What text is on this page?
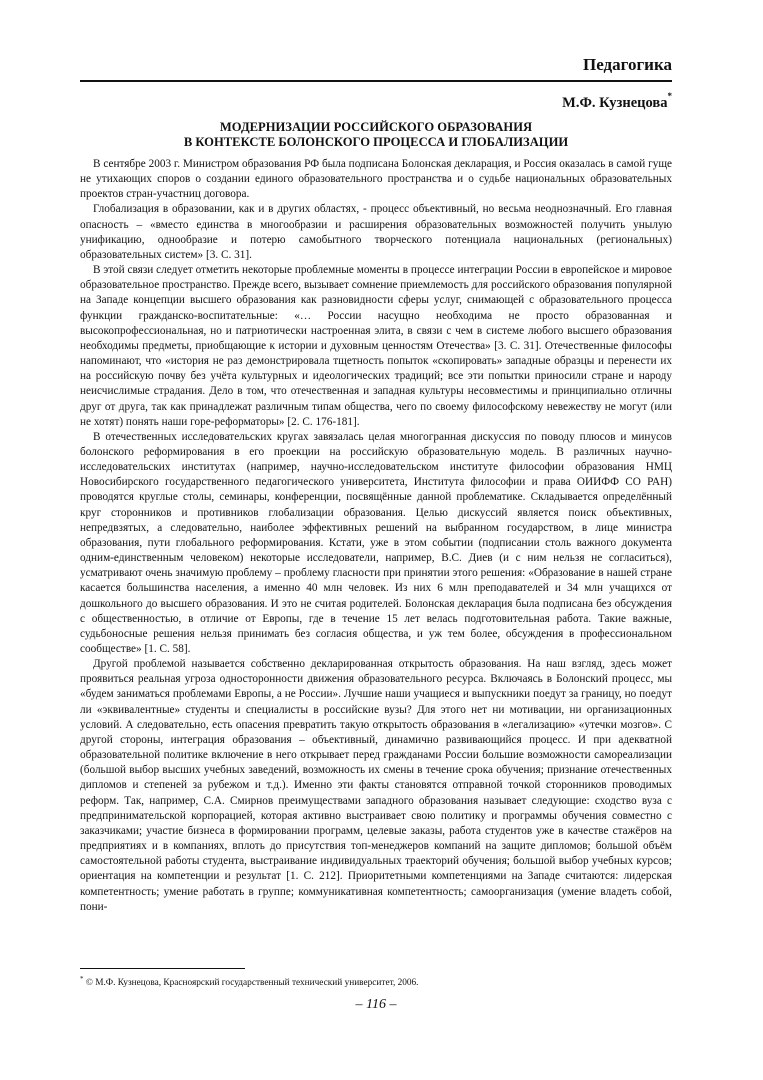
Педагогика
М.Ф. Кузнецова*
МОДЕРНИЗАЦИИ РОССИЙСКОГО ОБРАЗОВАНИЯ
В КОНТЕКСТЕ БОЛОНСКОГО ПРОЦЕССА И ГЛОБАЛИЗАЦИИ

В сентябре 2003 г. Министром образования РФ была подписана Болонская декларация, и Россия оказалась в самой гуще не утихающих споров о создании единого образовательного пространства и о судьбе национальных образовательных проектов стран-участниц договора.

Глобализация в образовании, как и в других областях, - процесс объективный, но весьма неоднозначный. Его главная опасность – «вместо единства в многообразии и расширения образовательных возможностей получить унылую унификацию, однообразие и потерю самобытного творческого потенциала национальных (региональных) образовательных систем» [3. С. 31].

В этой связи следует отметить некоторые проблемные моменты в процессе интеграции России в европейское и мировое образовательное пространство. Прежде всего, вызывает сомнение приемлемость для российского образования популярной на Западе концепции высшего образования как разновидности сферы услуг, снимающей с образовательного процесса функции гражданско-воспитательные: «… России насущно необходима не просто образованная и высокопрофессиональная, но и патриотически настроенная элита, в связи с чем в системе любого высшего образования необходимы предметы, приобщающие к истории и духовным ценностям Отечества» [3. С. 31]. Отечественные философы напоминают, что «история не раз демонстрировала тщетность попыток «скопировать» западные образцы и перенести их на российскую почву без учёта культурных и идеологических традиций; все эти попытки приносили стране и народу неисчислимые страдания. Дело в том, что отечественная и западная культуры несовместимы и принципиально отличны друг от друга, так как принадлежат различным типам общества, чего по своему философскому невежеству не могут (или не хотят) понять наши горе-реформаторы» [2. С. 176-181].

В отечественных исследовательских кругах завязалась целая многогранная дискуссия по поводу плюсов и минусов болонского реформирования в его проекции на российскую образовательную модель. В различных научно-исследовательских институтах (например, научно-исследовательском институте философии образования НМЦ Новосибирского государственного педагогического университета, Института философии и права ОИИФФ СО РАН) проводятся круглые столы, семинары, конференции, посвящённые данной проблематике. Складывается определённый круг сторонников и противников глобализации образования. Целью дискуссий является поиск объективных, непредвзятых, а следовательно, наиболее эффективных решений на выбранном государством, в лице министра образования, пути глобального реформирования. Кстати, уже в этом событии (подписании столь важного документа одним-единственным человеком) некоторые исследователи, например, В.С. Диев (и с ним нельзя не согласиться), усматривают очень значимую проблему – проблему гласности при принятии этого решения: «Образование в нашей стране касается большинства населения, а именно 40 млн человек. Из них 6 млн преподавателей и 34 млн учащихся от дошкольного до высшего образования. И это не считая родителей. Болонская декларация была подписана без обсуждения с общественностью, в отличие от Европы, где в течение 15 лет велась подготовительная работа. Такие важные, судьбоносные решения нельзя принимать без согласия общества, и уж тем более, обсуждения в профессиональном сообществе» [1. С. 58].

Другой проблемой называется собственно декларированная открытость образования. На наш взгляд, здесь может проявиться реальная угроза односторонности движения образовательного ресурса. Включаясь в Болонский процесс, мы «будем заниматься проблемами Европы, а не России». Лучшие наши учащиеся и выпускники поедут за границу, но поедут ли «эквивалентные» студенты и специалисты в российские вузы? Для этого нет ни мотивации, ни организационных условий. А следовательно, есть опасения превратить такую открытость образования в «легализацию» «утечки мозгов». С другой стороны, интеграция образования – объективный, динамично развивающийся процесс. И при адекватной образовательной политике включение в него открывает перед гражданами России большие возможности самореализации (большой выбор высших учебных заведений, возможность их смены в течение срока обучения; признание отечественных дипломов и степеней за рубежом и т.д.). Именно эти факты становятся отправной точкой сторонников проводимых реформ. Так, например, С.А. Смирнов преимуществами западного образования называет следующие: сходство вуза с предпринимательской корпорацией, которая активно выстраивает свою политику и программы обучения совместно с заказчиками; участие бизнеса в формировании программ, целевые заказы, работа студентов уже в качестве стажёров на предприятиях и в компаниях, вплоть до присутствия топ-менеджеров компаний на защите дипломов; большой объём самостоятельной работы студента, выстраивание индивидуальных траекторий обучения; большой выбор учебных курсов; ориентация на компетенции и результат [1. С. 212]. Приоритетными компетенциями на Западе считаются: лидерская компетентность; умение работать в группе; коммуникативная компетентность; самоорганизация (умение владеть собой, пони-

* © М.Ф. Кузнецова, Красноярский государственный технический университет, 2006.
– 116 –
